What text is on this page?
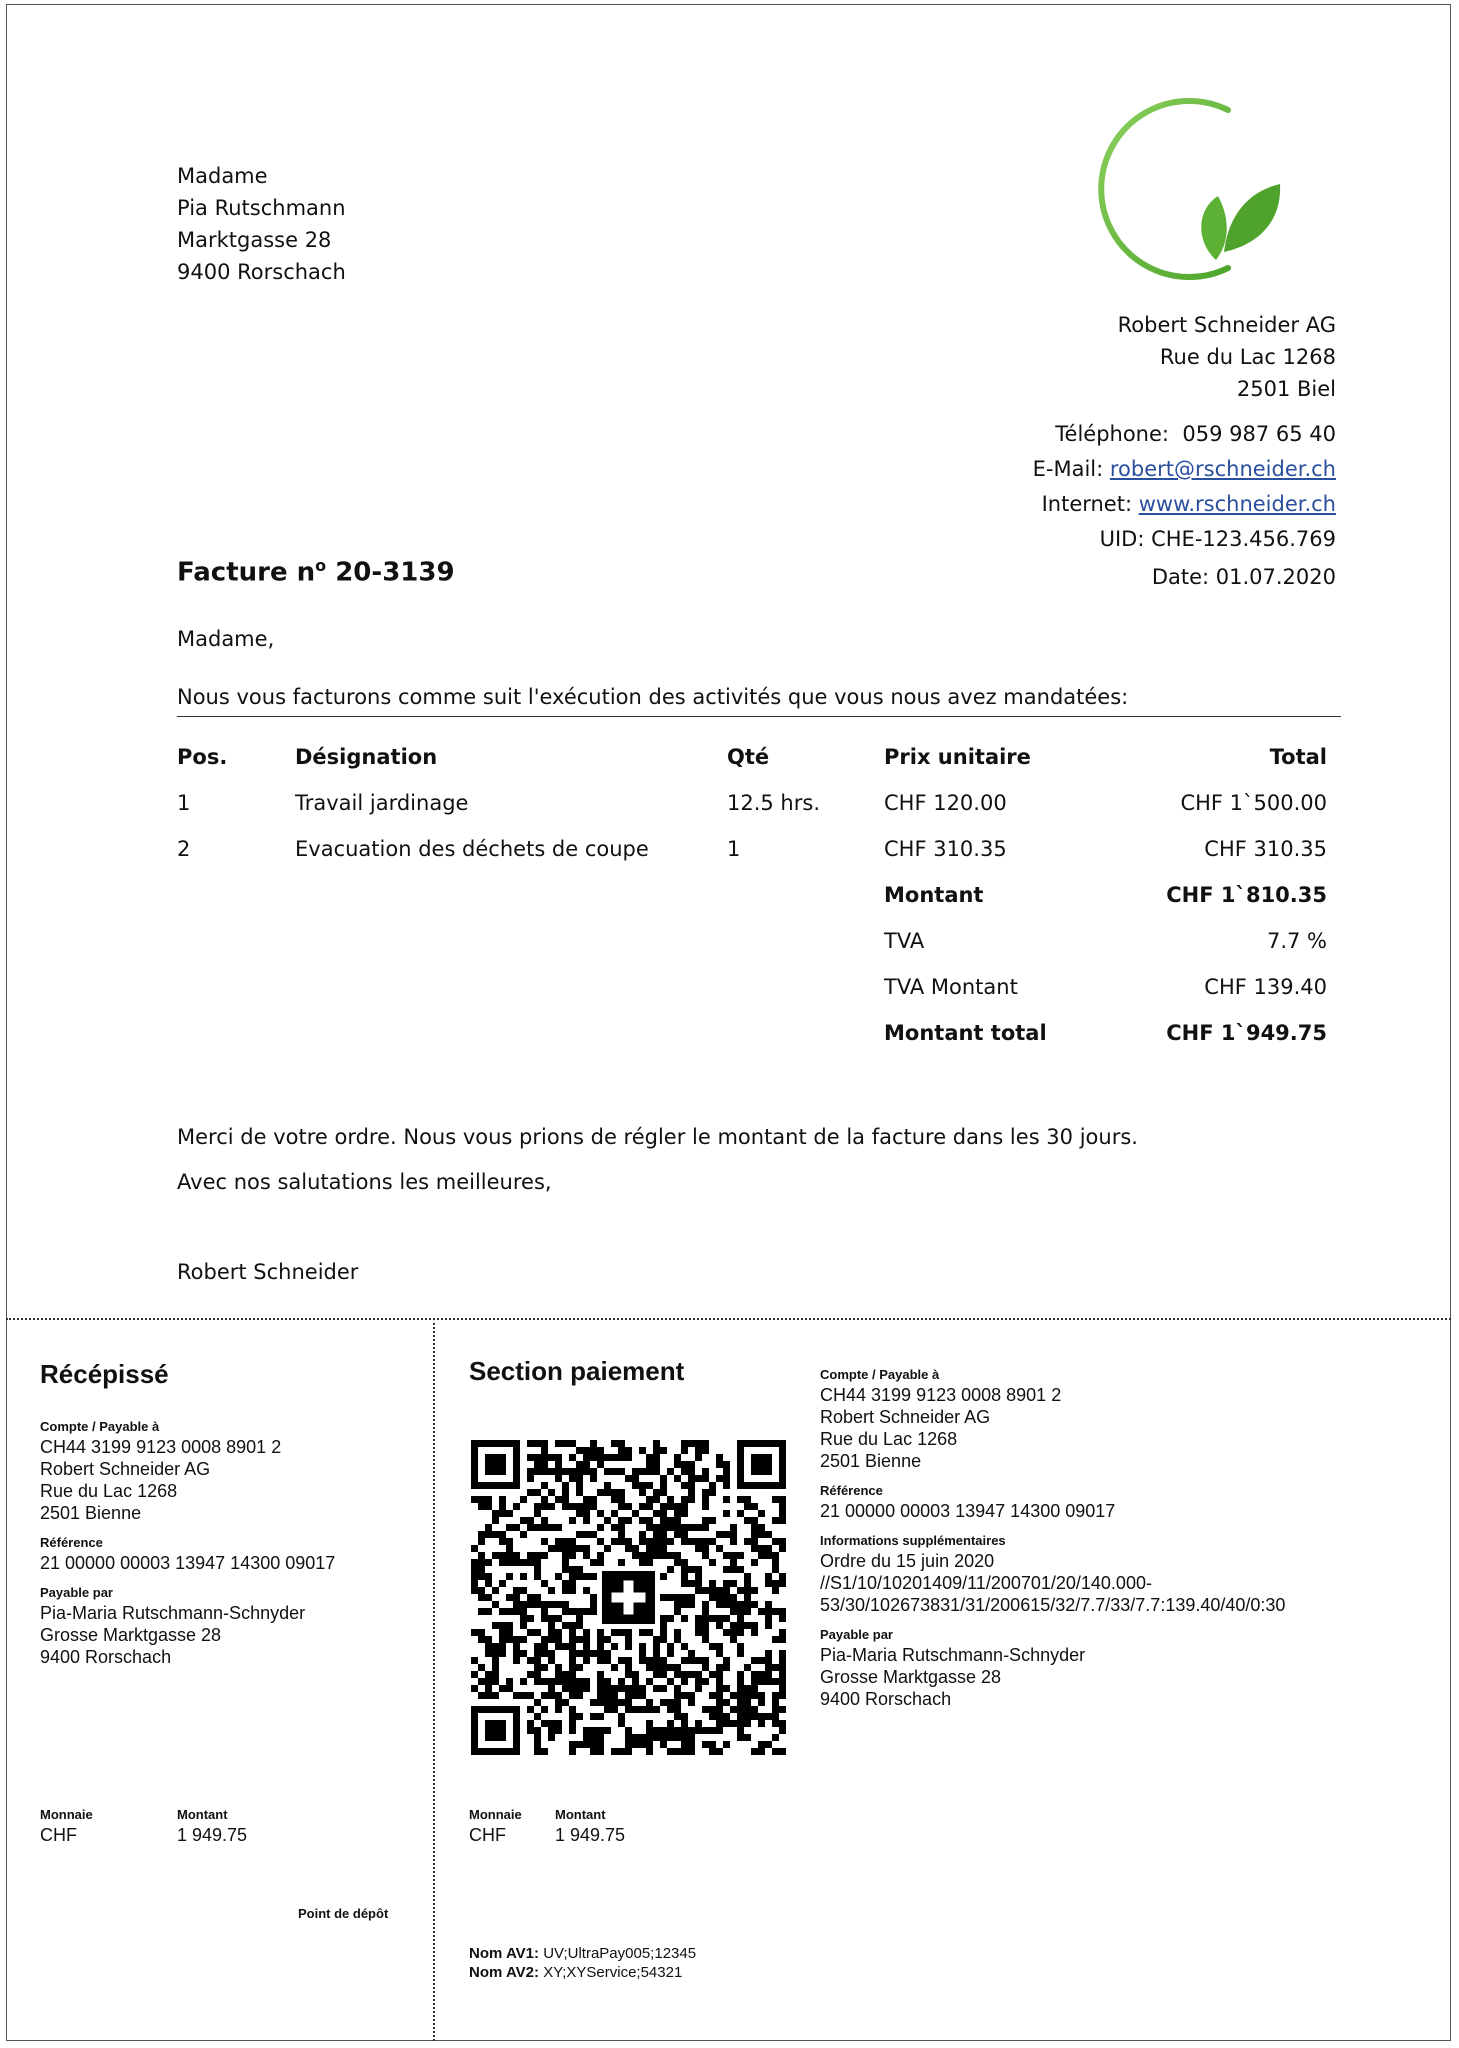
Madame
Pia Rutschmann
Marktgasse 28
9400 Rorschach
Robert Schneider AG
Rue du Lac 1268
2501 Biel
Téléphone: 059 987 65 40
E-Mail: robert@rschneider.ch
Internet: www.rschneider.ch
UID: CHE-123.456.769
Facture $n^o$ 20-3139	Date: 01.07.2020
Madame,
Nous vous facturons comme suit l'exécution des activités que vous nous avez mandatées:
Pos.	Désignation	Qté	Prix unitaire	Total
1	Travail jardinage	12.5 hrs.	CHF 120.00	CHF 1`500.00
2	Evacuation des déchets de coupe	1	CHF 310.35	CHF 310.35
Montant	CHF 1`810.35
TVA	7.7 %
TVA Montant	CHF 139.40
Montant total	CHF 1`949.75
Merci de votre ordre. Nous vous prions de régler le montant de la facture dans les 30 jours.
Avec nos salutations les meilleures,
Robert Schneider
Récépissé
Compte / Payable à
CH44 3199 9123 0008 8901 2
Robert Schneider AG
Rue du Lac 1268
2501 Bienne
Référence
21 00000 00003 13947 14300 09017
Payable par
Pia-Maria Rutschmann-Schnyder
Grosse Marktgasse 28
9400 Rorschach
Monnaie
CHF
Montant
1 949.75
Point de dépôt
Section paiement	Compte / Payable à
CH44 3199 9123 0008 8901 2
Robert Schneider AG
Rue du Lac 1268
2501 Bienne
Référence
21 00000 00003 13947 14300 09017
Informations supplémentaires
Ordre du 15 juin 2020
//S1/10/10201409/11/200701/20/140.000-
53/30/102673831/31/200615/32/7.7/33/7.7:139.40/40/0:30
Payable par
Pia-Maria Rutschmann-Schnyder
Grosse Marktgasse 28
9400 Rorschach
Monnaie
CHF
Montant
1 949.75
Nom AV1: UV;UltraPay005;12345
Nom AV2: XY;XYService;54321
